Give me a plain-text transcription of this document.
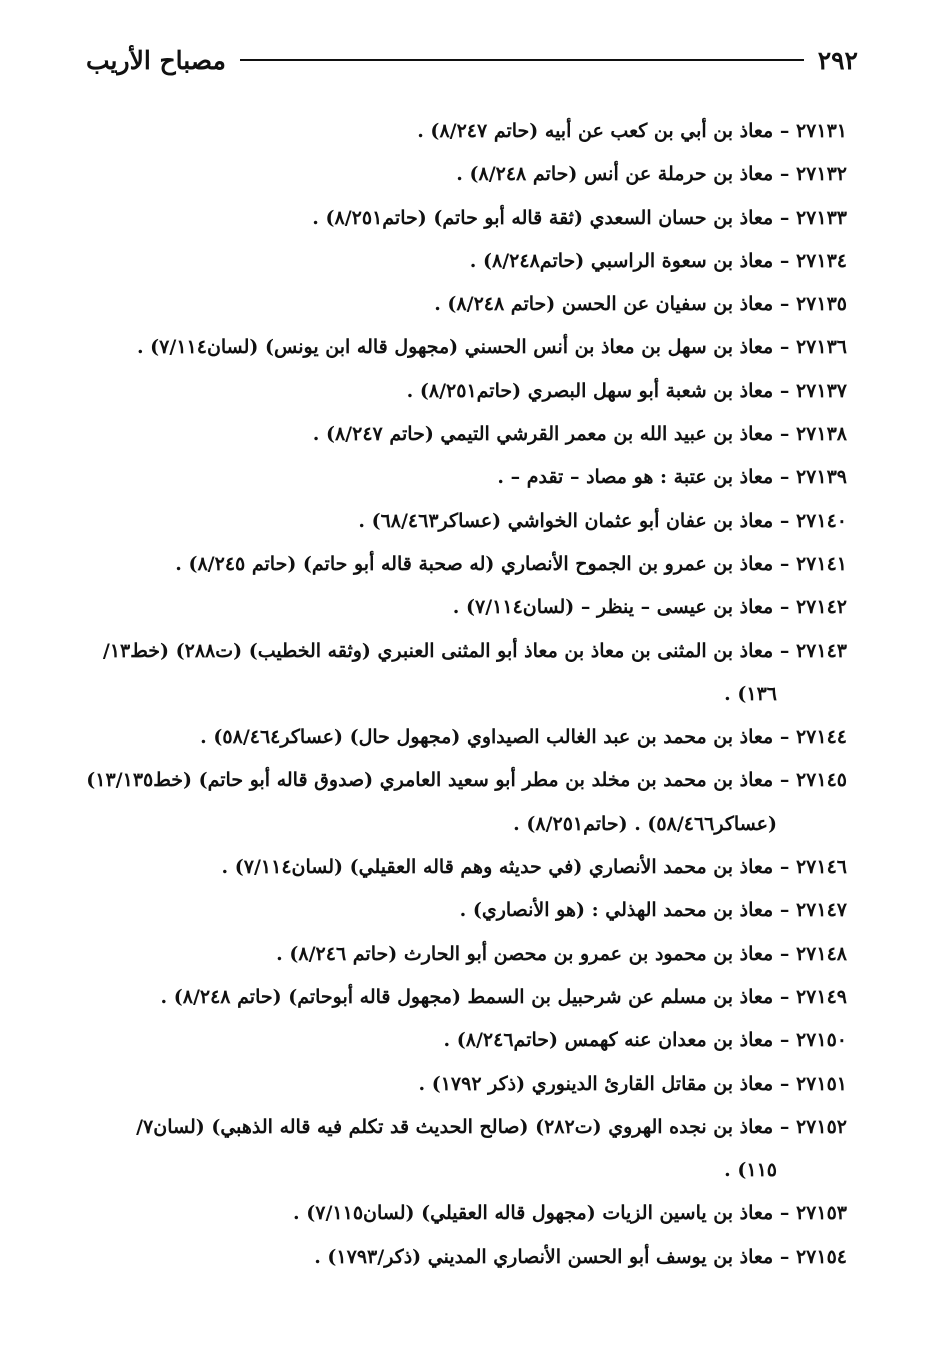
٢٩٢
مصباح الأريب
٢٧١٣١ – معاذ بن أبي بن كعب عن أبيه (حاتم ٨/٢٤٧) .
٢٧١٣٢ – معاذ بن حرملة عن أنس (حاتم ٨/٢٤٨) .
٢٧١٣٣ – معاذ بن حسان السعدي (ثقة قاله أبو حاتم) (حاتم٨/٢٥١) .
٢٧١٣٤ – معاذ بن سعوة الراسبي (حاتم٨/٢٤٨) .
٢٧١٣٥ – معاذ بن سفيان عن الحسن (حاتم ٨/٢٤٨) .
٢٧١٣٦ – معاذ بن سهل بن معاذ بن أنس الحسني (مجهول قاله ابن يونس) (لسان٧/١١٤) .
٢٧١٣٧ – معاذ بن شعبة أبو سهل البصري (حاتم٨/٢٥١) .
٢٧١٣٨ – معاذ بن عبيد الله بن معمر القرشي التيمي (حاتم ٨/٢٤٧) .
٢٧١٣٩ – معاذ بن عتبة : هو مصاد – تقدم – .
٢٧١٤٠ – معاذ بن عفان أبو عثمان الخواشي (عساكر٦٨/٤٦٣) .
٢٧١٤١ – معاذ بن عمرو بن الجموح الأنصاري (له صحبة قاله أبو حاتم) (حاتم ٨/٢٤٥) .
٢٧١٤٢ – معاذ بن عيسى – ينظر – (لسان٧/١١٤) .
٢٧١٤٣ – معاذ بن المثنى بن معاذ بن معاذ أبو المثنى العنبري (وثقه الخطيب) (ت٢٨٨) (خط١٣/
١٣٦) .
٢٧١٤٤ – معاذ بن محمد بن عبد الغالب الصيداوي (مجهول حال) (عساكر٥٨/٤٦٤) .
٢٧١٤٥ – معاذ بن محمد بن مخلد بن مطر أبو سعيد العامري (صدوق قاله أبو حاتم) (خط١٣/١٣٥)
(عساكر٥٨/٤٦٦) . (حاتم٨/٢٥١) .
٢٧١٤٦ – معاذ بن محمد الأنصاري (في حديثه وهم قاله العقيلي) (لسان٧/١١٤) .
٢٧١٤٧ – معاذ بن محمد الهذلي : (هو الأنصاري) .
٢٧١٤٨ – معاذ بن محمود بن عمرو بن محصن أبو الحارث (حاتم ٨/٢٤٦) .
٢٧١٤٩ – معاذ بن مسلم عن شرحبيل بن السمط (مجهول قاله أبوحاتم) (حاتم ٨/٢٤٨) .
٢٧١٥٠ – معاذ بن معدان عنه كهمس (حاتم٨/٢٤٦) .
٢٧١٥١ – معاذ بن مقاتل القارئ الدينوري (ذكر ١٧٩٢) .
٢٧١٥٢ – معاذ بن نجده الهروي (ت٢٨٢) (صالح الحديث قد تكلم فيه قاله الذهبي) (لسان٧/
١١٥) .
٢٧١٥٣ – معاذ بن ياسين الزيات (مجهول قاله العقيلي) (لسان٧/١١٥) .
٢٧١٥٤ – معاذ بن يوسف أبو الحسن الأنصاري المديني (ذكر/١٧٩٣) .
